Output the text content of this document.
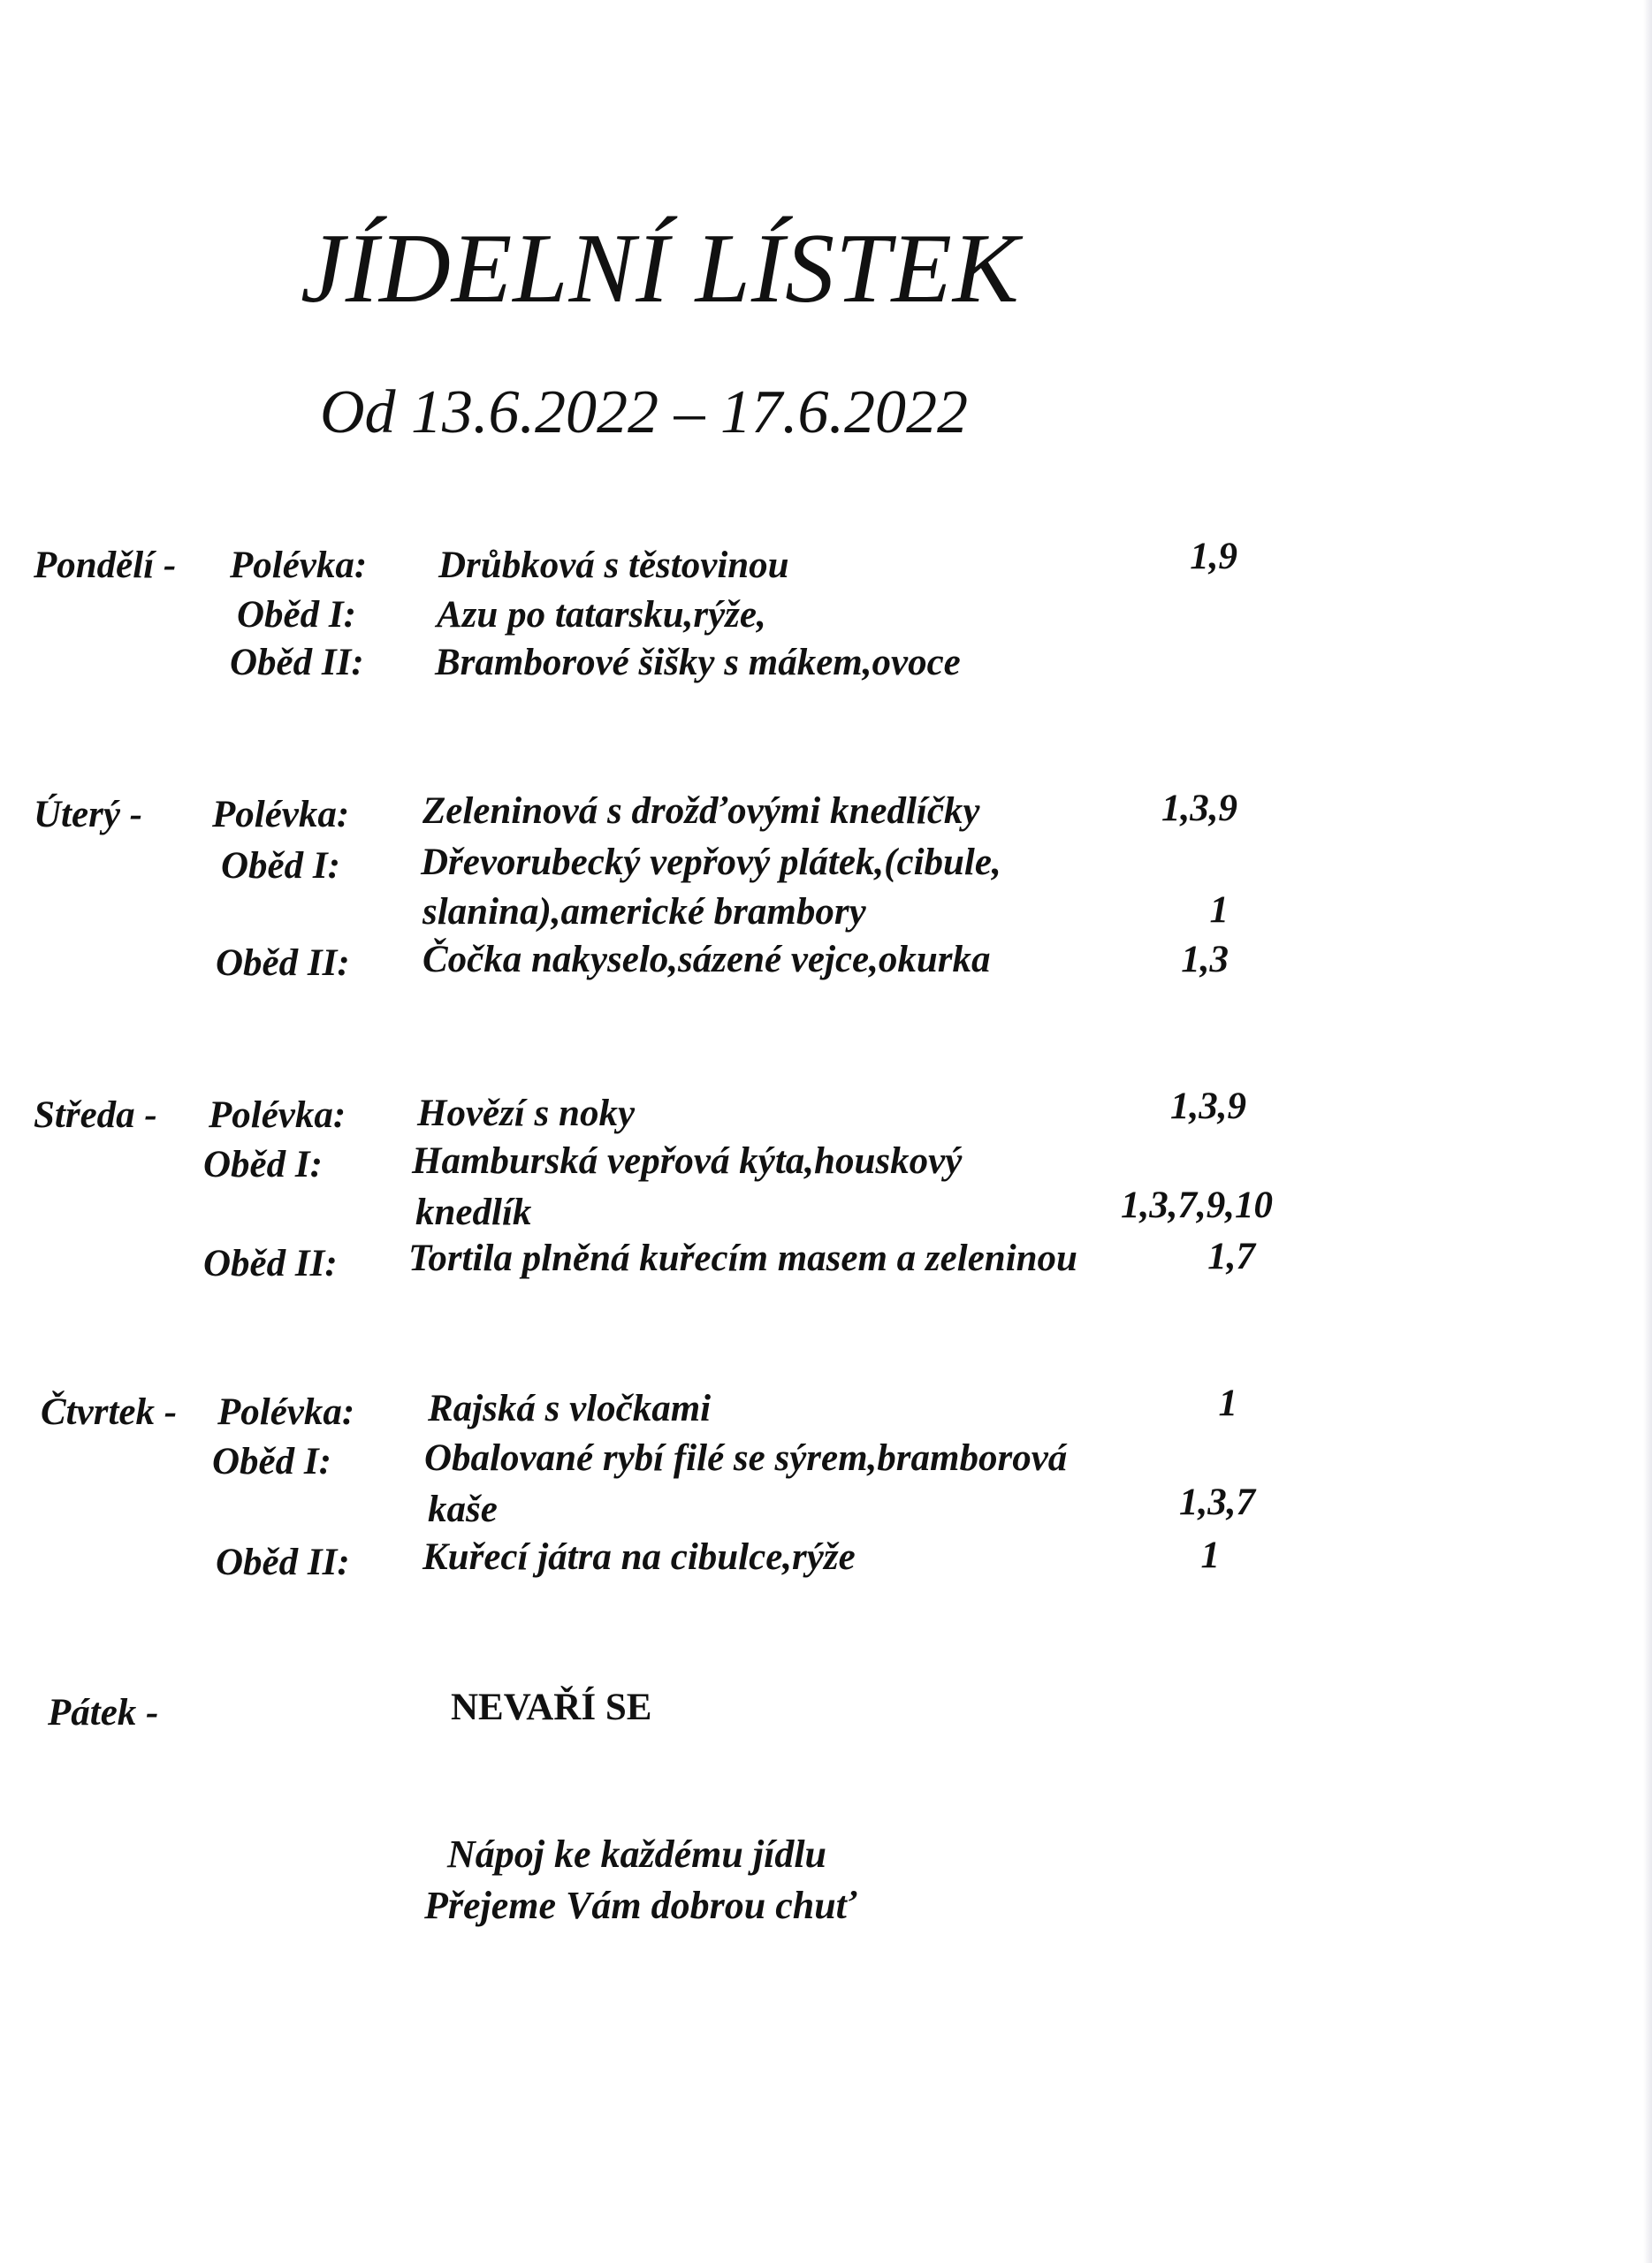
JÍDELNÍ LÍSTEK
Od 13.6.2022 – 17.6.2022
Pondělí - Polévka: Drůbková s těstovinou	1,9
Oběd I: Azu po tatarsku,rýže,
Oběd II: Bramborové šišky s mákem,ovoce
Úterý - Polévka: Zeleninová s drožďovými knedlíčky	1,3,9
Oběd I: Dřevorubecký vepřový plátek,(cibule,
slanina),americké brambory	1
Oběd II: Čočka nakyselo,sázené vejce,okurka	1,3
Středa - Polévka: Hovězí s noky	1,3,9
Oběd I: Hamburská vepřová kýta,houskový
knedlík	1,3,7,9,10
Oběd II: Tortila plněná kuřecím masem a zeleninou	1,7
Čtvrtek - Polévka: Rajská s vločkami	1
Oběd I: Obalované rybí filé se sýrem,bramborová
kaše	1,3,7
Oběd II: Kuřecí játra na cibulce,rýže	1
Pátek -	NEVAŘÍ SE
Nápoj ke každému jídlu
Přejeme Vám dobrou chuť
